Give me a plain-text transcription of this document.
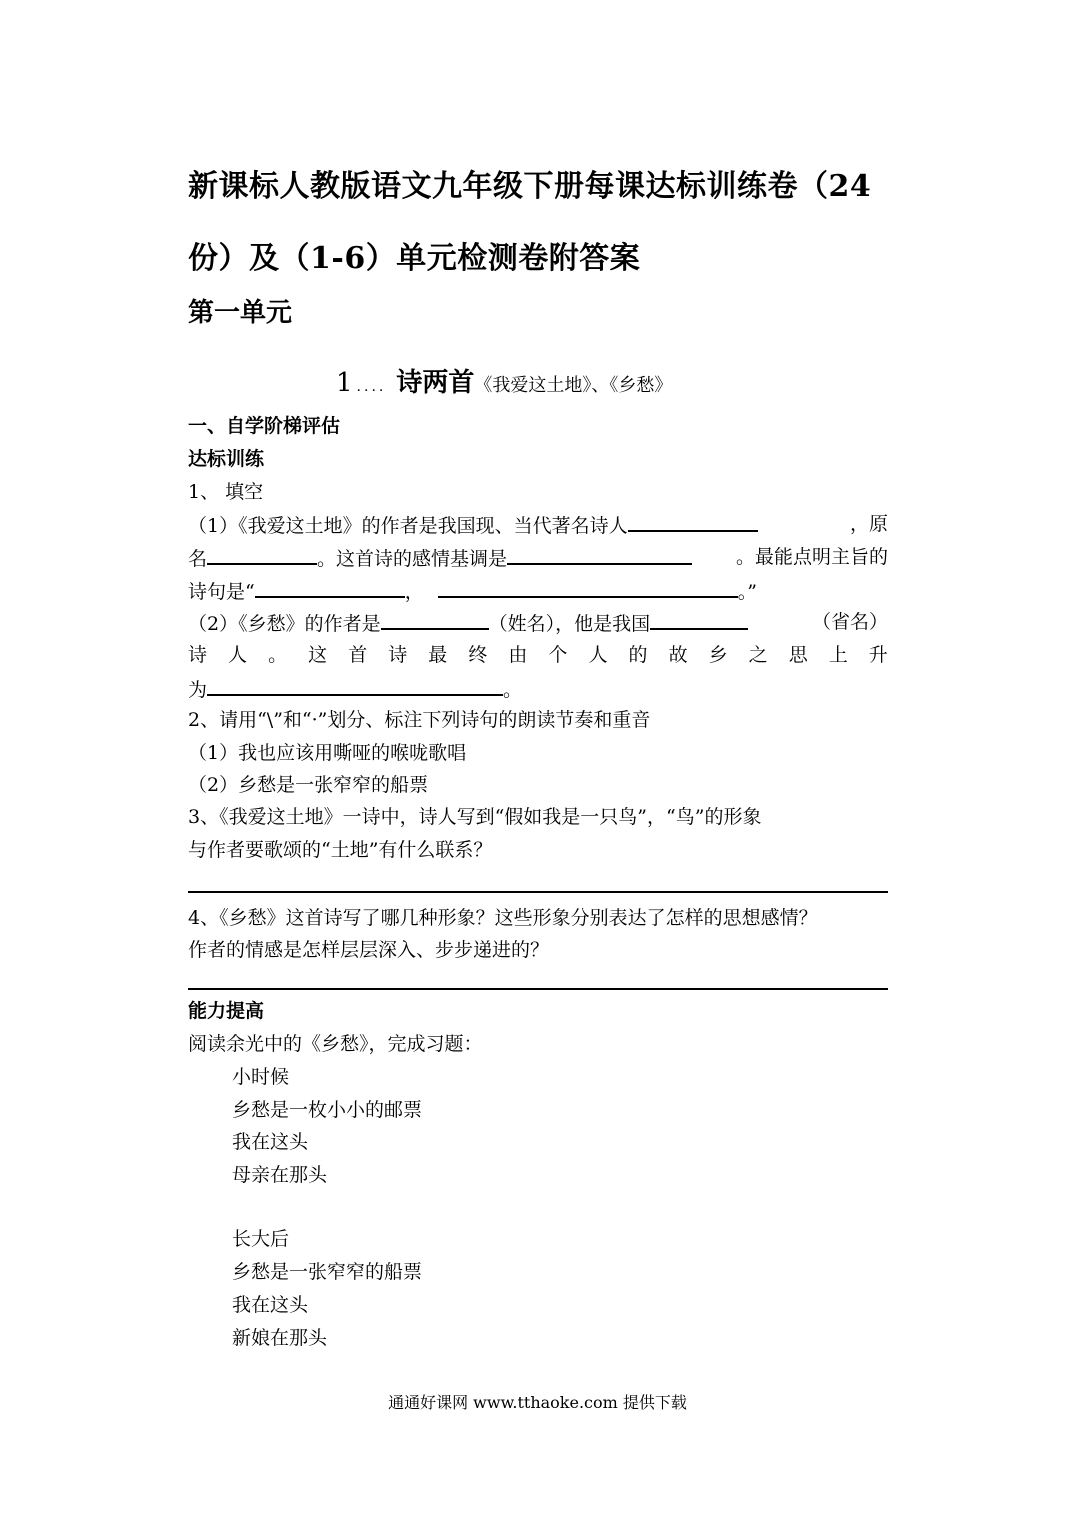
新课标人教版语文九年级下册每课达标训练卷（24
份）及（1-6）单元检测卷附答案
第一单元
1 .... 诗两首《我爱这土地》、《乡愁》
一、自学阶梯评估
达标训练
1、 填空
（1）《我爱这土地》的作者是我国现、当代著名诗人	，原
名	。这首诗的感情基调是	。最能点明主旨的
诗句是“	，	。”
（2）《乡愁》的作者是	（姓名），他是我国	（省名）
诗 人 。 这 首 诗 最 终 由 个 人 的 故 乡 之 思 上 升
为	。
2、请用“\”和“·”划分、标注下列诗句的朗读节奏和重音
（1）我也应该用嘶哑的喉咙歌唱
（2）乡愁是一张窄窄的船票
3、《我爱这土地》一诗中，诗人写到“假如我是一只鸟”，“鸟”的形象
与作者要歌颂的“土地”有什么联系？
4、《乡愁》这首诗写了哪几种形象？这些形象分别表达了怎样的思想感情？
作者的情感是怎样层层深入、步步递进的？
能力提高
阅读余光中的《乡愁》，完成习题：
小时候
乡愁是一枚小小的邮票
我在这头
母亲在那头
长大后
乡愁是一张窄窄的船票
我在这头
新娘在那头
通通好课网 www.tthaoke.com 提供下载
